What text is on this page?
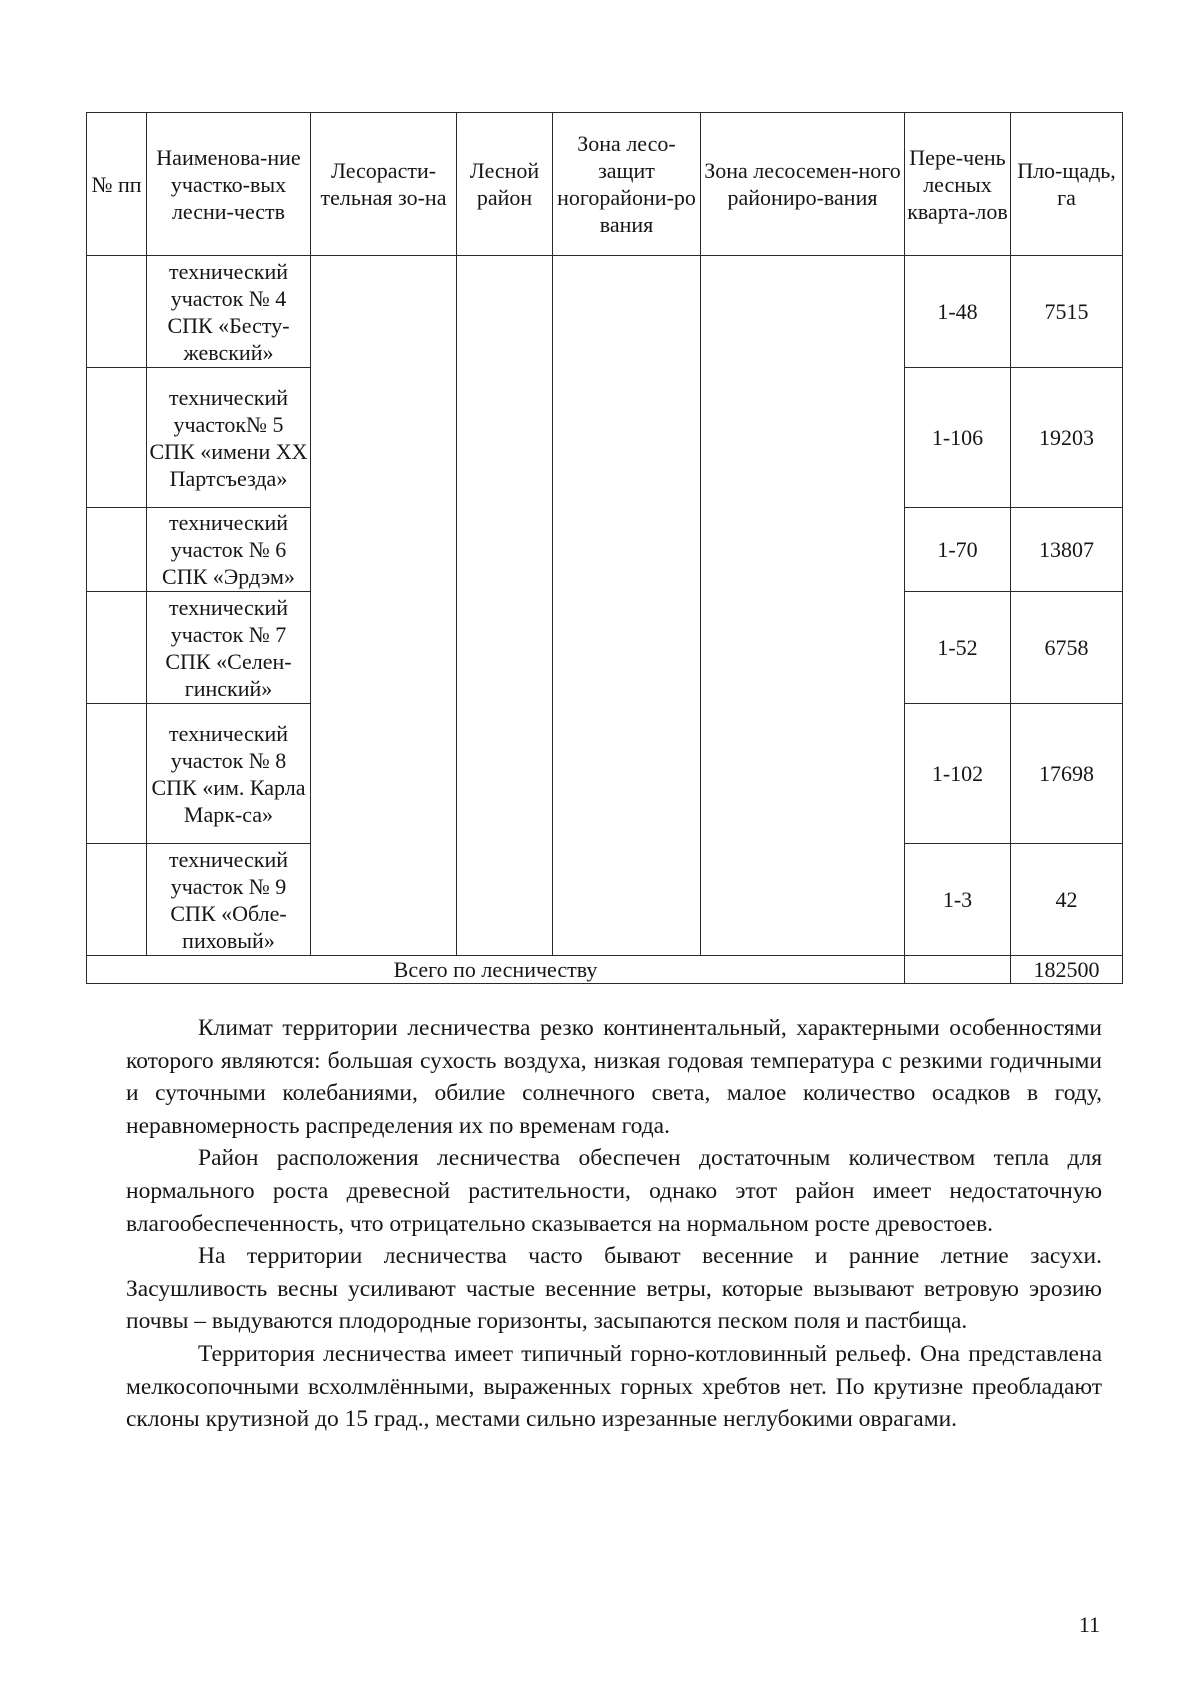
№ пп	Наименова-ние участко-вых лесни-честв	Лесорасти-тельная зо-на	Лесной район	Зона лесо-защит ногорайони-ро вания	Зона лесосемен-ного райониро-вания	Пере-чень лесных кварта-лов	Пло-щадь, га
	технический участок № 4 СПК «Бесту-жевский»					1-48	7515
	технический участок№ 5 СПК «имени XX Партсъезда»					1-106	19203
	технический участок № 6 СПК «Эрдэм»					1-70	13807
	технический участок № 7 СПК «Селен-гинский»					1-52	6758
	технический участок № 8 СПК «им. Карла Марк-са»					1-102	17698
	технический участок № 9 СПК «Обле-пиховый»					1-3	42
Всего по лесничеству							182500

Климат территории лесничества резко континентальный, характерными особенностями которого являются: большая сухость воздуха, низкая годовая температура с резкими годичными и суточными колебаниями, обилие солнечного света, малое количество осадков в году, неравномерность распределения их по временам года.

Район расположения лесничества обеспечен достаточным количеством тепла для нормального роста древесной растительности, однако этот район имеет недостаточную влагообеспеченность, что отрицательно сказывается на нормальном росте древостоев.

На территории лесничества часто бывают весенние и ранние летние засухи. Засушливость весны усиливают частые весенние ветры, которые вызывают ветровую эрозию почвы – выдуваются плодородные горизонты, засыпаются песком поля и пастбища.

Территория лесничества имеет типичный горно-котловинный рельеф. Она представлена мелкосопочными всхолмлёнными, выраженных горных хребтов нет. По крутизне преобладают склоны крутизной до 15 град., местами сильно изрезанные неглубокими оврагами.

11
